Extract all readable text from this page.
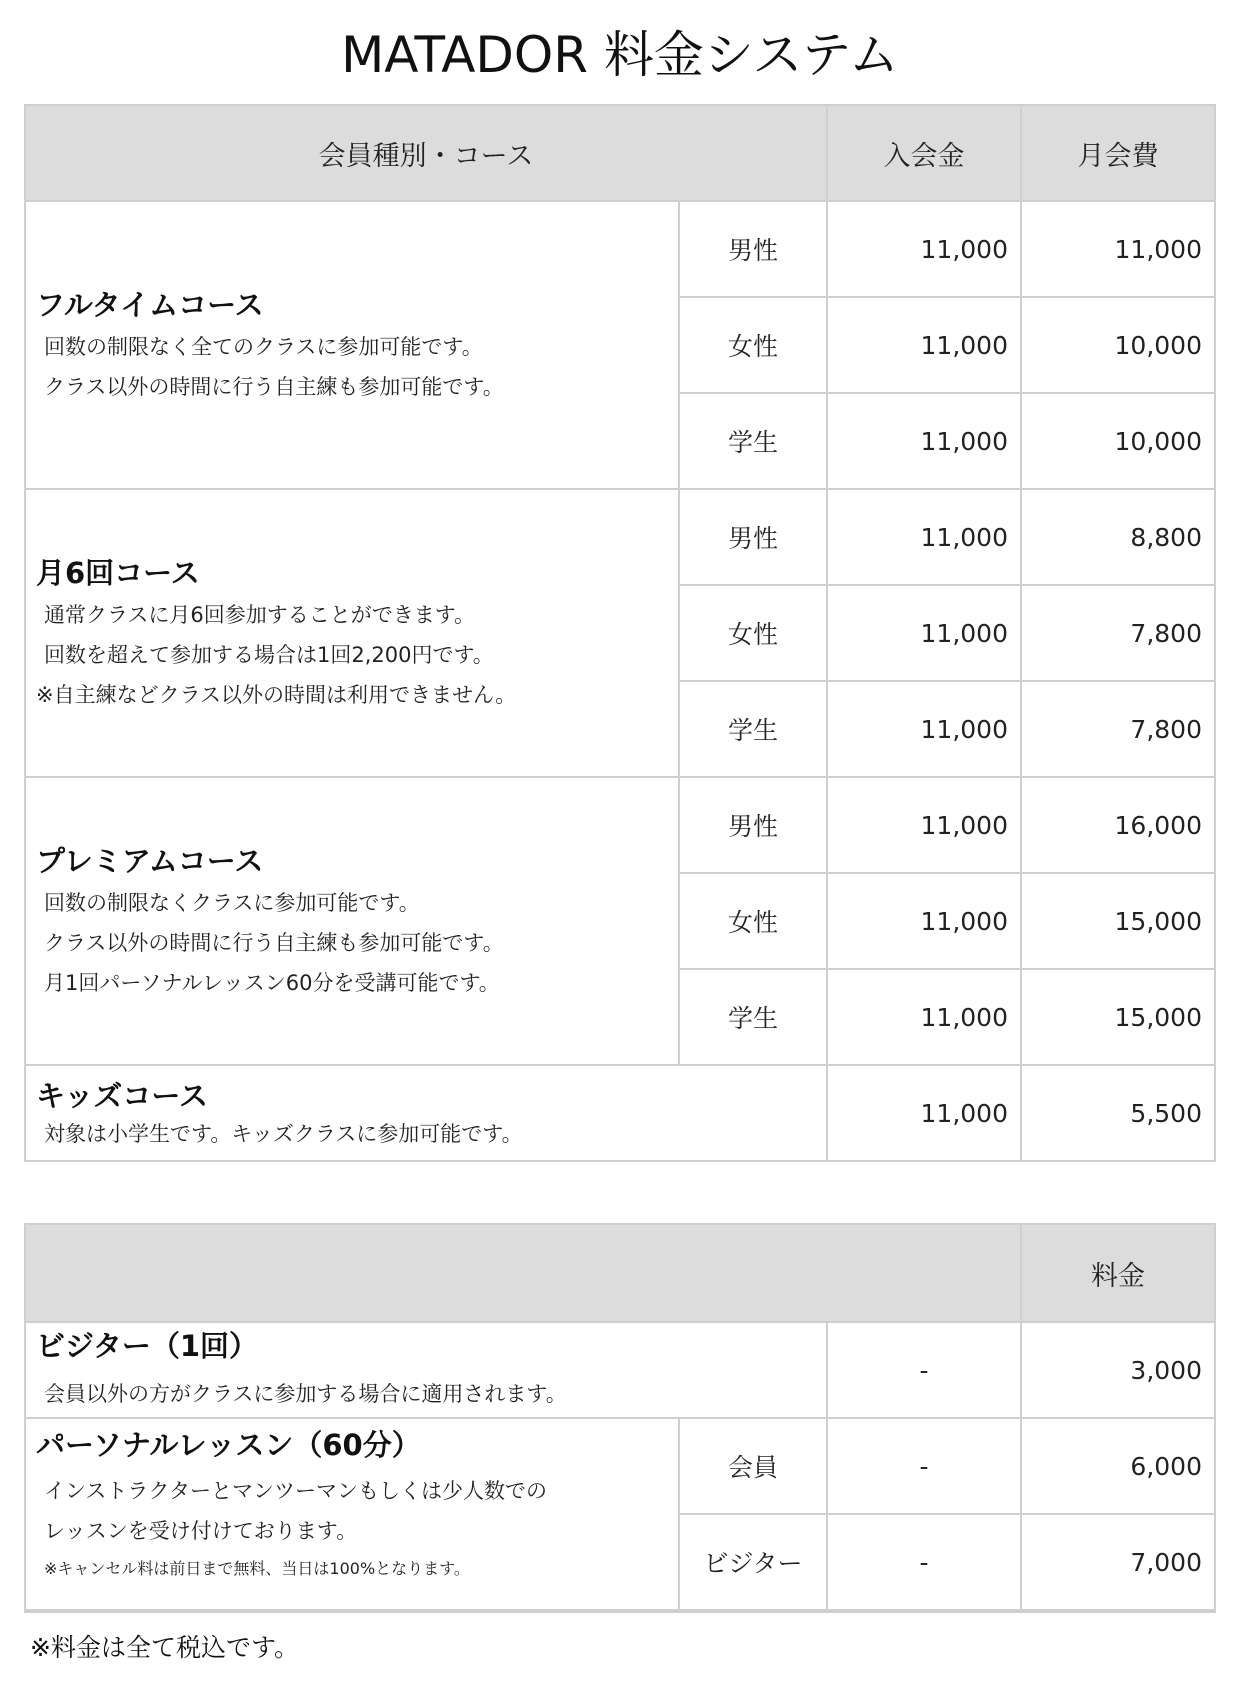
MATADOR 料金システム
会員種別・コース	入会金	月会費
フルタイムコース
回数の制限なく全てのクラスに参加可能です。
クラス以外の時間に行う自主練も参加可能です。
男性	11,000	11,000
女性	11,000	10,000
学生	11,000	10,000
月6回コース
通常クラスに月6回参加することができます。
回数を超えて参加する場合は1回2,200円です。
※自主練などクラス以外の時間は利用できません。
男性	11,000	8,800
女性	11,000	7,800
学生	11,000	7,800
プレミアムコース
回数の制限なくクラスに参加可能です。
クラス以外の時間に行う自主練も参加可能です。
月1回パーソナルレッスン60分を受講可能です。
男性	11,000	16,000
女性	11,000	15,000
学生	11,000	15,000
キッズコース
対象は小学生です。キッズクラスに参加可能です。
11,000	5,500
料金
ビジター（1回）
会員以外の方がクラスに参加する場合に適用されます。
-	3,000
パーソナルレッスン（60分）
インストラクターとマンツーマンもしくは少人数での
レッスンを受け付けております。
※キャンセル料は前日まで無料、当日は100%となります。
会員	-	6,000
ビジター	-	7,000
※料金は全て税込です。
